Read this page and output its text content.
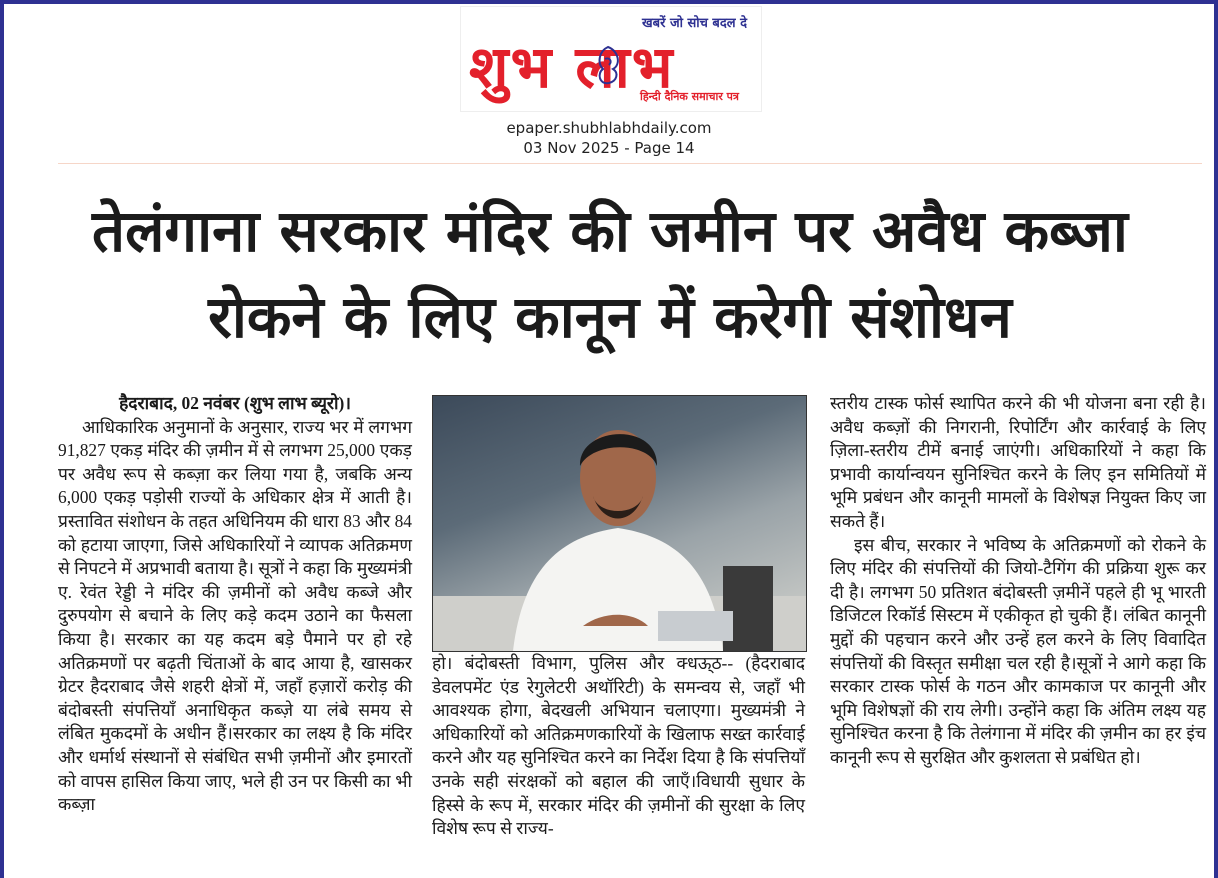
खबरें जो सोच बदल दे
शुभ लाभ
हिन्दी दैनिक समाचार पत्र
epaper.shubhlabhdaily.com
03 Nov 2025 - Page 14
तेलंगाना सरकार मंदिर की जमीन पर अवैध कब्जा
रोकने के लिए कानून में करेगी संशोधन

हैदराबाद, 02 नवंबर (शुभ लाभ ब्यूरो)।

आधिकारिक अनुमानों के अनुसार, राज्य भर में लगभग 91,827 एकड़ मंदिर की ज़मीन में से लगभग 25,000 एकड़ पर अवैध रूप से कब्ज़ा कर लिया गया है, जबकि अन्य 6,000 एकड़ पड़ोसी राज्यों के अधिकार क्षेत्र में आती है।प्रस्तावित संशोधन के तहत अधिनियम की धारा 83 और 84 को हटाया जाएगा, जिसे अधिकारियों ने व्यापक अतिक्रमण से निपटने में अप्रभावी बताया है। सूत्रों ने कहा कि मुख्यमंत्री ए. रेवंत रेड्डी ने मंदिर की ज़मीनों को अवैध कब्जे और दुरुपयोग से बचाने के लिए कड़े कदम उठाने का फैसला किया है। सरकार का यह कदम बड़े पैमाने पर हो रहे अतिक्रमणों पर बढ़ती चिंताओं के बाद आया है, खासकर ग्रेटर हैदराबाद जैसे शहरी क्षेत्रों में, जहाँ हज़ारों करोड़ की बंदोबस्ती संपत्तियाँ अनाधिकृत कब्ज़े या लंबे समय से लंबित मुकदमों के अधीन हैं।सरकार का लक्ष्य है कि मंदिर और धर्मार्थ संस्थानों से संबंधित सभी ज़मीनों और इमारतों को वापस हासिल किया जाए, भले ही उन पर किसी का भी कब्ज़ा

हो। बंदोबस्ती विभाग, पुलिस और क्धऊ्ठ-- (हैदराबाद डेवलपमेंट एंड रेगुलेटरी अथॉरिटी) के समन्वय से, जहाँ भी आवश्यक होगा, बेदखली अभियान चलाएगा। मुख्यमंत्री ने अधिकारियों को अतिक्रमणकारियों के खिलाफ सख्त कार्रवाई करने और यह सुनिश्चित करने का निर्देश दिया है कि संपत्तियाँ उनके सही संरक्षकों को बहाल की जाएँ।विधायी सुधार के हिस्से के रूप में, सरकार मंदिर की ज़मीनों की सुरक्षा के लिए विशेष रूप से राज्य-

स्तरीय टास्क फोर्स स्थापित करने की भी योजना बना रही है। अवैध कब्ज़ों की निगरानी, रिपोर्टिंग और कार्रवाई के लिए ज़िला-स्तरीय टीमें बनाई जाएंगी। अधिकारियों ने कहा कि प्रभावी कार्यान्वयन सुनिश्चित करने के लिए इन समितियों में भूमि प्रबंधन और कानूनी मामलों के विशेषज्ञ नियुक्त किए जा सकते हैं।

इस बीच, सरकार ने भविष्य के अतिक्रमणों को रोकने के लिए मंदिर की संपत्तियों की जियो-टैगिंग की प्रक्रिया शुरू कर दी है। लगभग 50 प्रतिशत बंदोबस्ती ज़मीनें पहले ही भू भारती डिजिटल रिकॉर्ड सिस्टम में एकीकृत हो चुकी हैं। लंबित कानूनी मुद्दों की पहचान करने और उन्हें हल करने के लिए विवादित संपत्तियों की विस्तृत समीक्षा चल रही है।सूत्रों ने आगे कहा कि सरकार टास्क फोर्स के गठन और कामकाज पर कानूनी और भूमि विशेषज्ञों की राय लेगी। उन्होंने कहा कि अंतिम लक्ष्य यह सुनिश्चित करना है कि तेलंगाना में मंदिर की ज़मीन का हर इंच कानूनी रूप से सुरक्षित और कुशलता से प्रबंधित हो।
